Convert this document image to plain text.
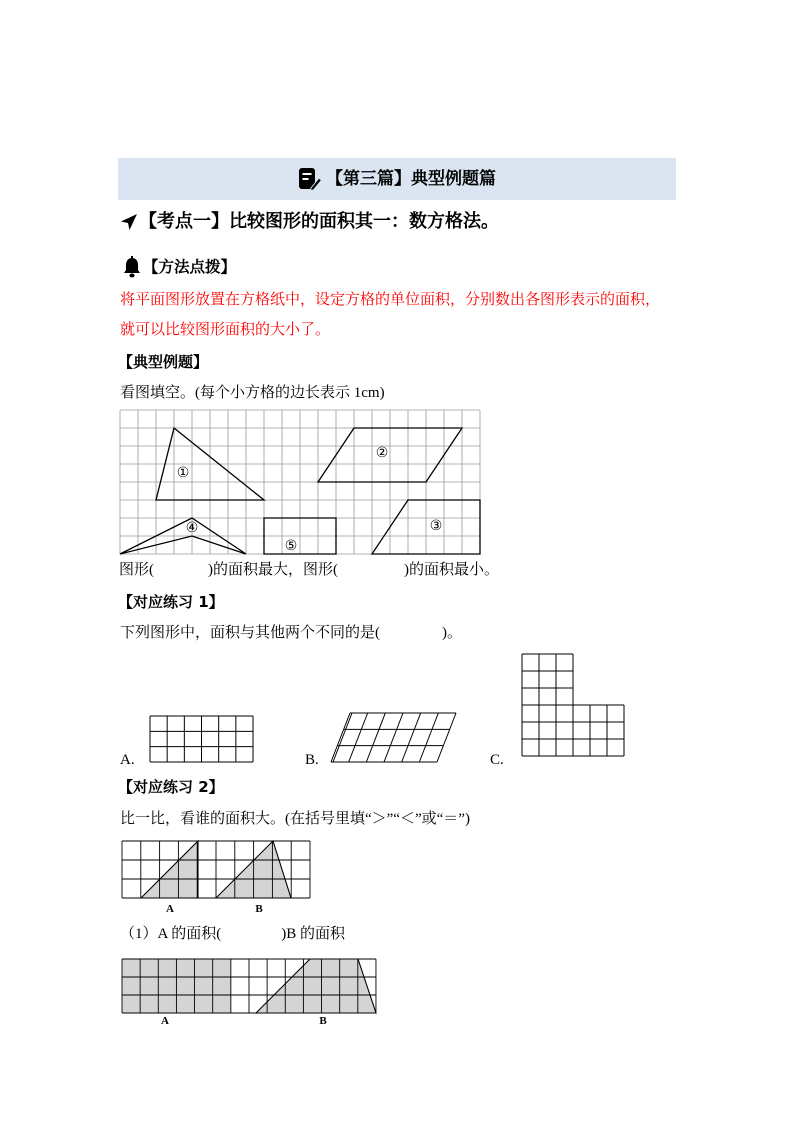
【第三篇】典型例题篇
【考点一】比较图形的面积其一：数方格法。
【方法点拨】
将平面图形放置在方格纸中，设定方格的单位面积，分别数出各图形表示的面积，
就可以比较图形面积的大小了。
【典型例题】
看图填空。(每个小方格的边长表示 1cm)
图形(	)的面积最大，图形(	)的面积最小。
【对应练习 1】
下列图形中，面积与其他两个不同的是(	)。
A.	B.	C.
【对应练习 2】
比一比，看谁的面积大。(在括号里填“＞”“＜”或“＝”)
（1）A 的面积(	)B 的面积
①
②
③
④
⑤
A	B
A	B
